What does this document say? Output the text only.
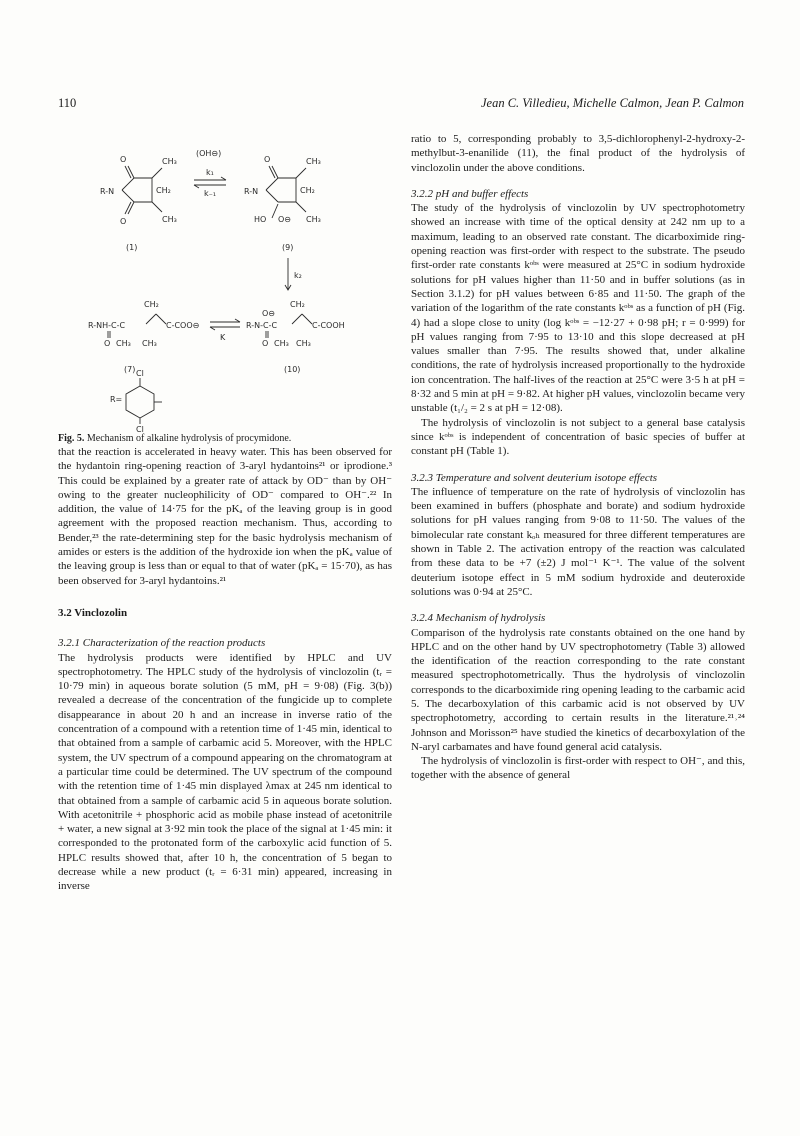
110	Jean C. Villedieu, Michelle Calmon, Jean P. Calmon
R-N
O
O
CH₃
CH₃
CH₂
(1)
(OH⊖)
k₁
k₋₁	R-N
O	CH₃
CH₃
CH₂
HO O⊖
(9)
k₂
R-NH-C-C	C-COO⊖
CH₂
O CH₃ CH₃
(7)
K
R-N-C-C	C-COOH
CH₂
O⊖
O CH₃ CH₃
(10)
R=
Cl
Cl

Fig. 5. Mechanism of alkaline hydrolysis of procymidone.

that the reaction is accelerated in heavy water. This has been observed for the hydantoin ring-opening reaction of 3-aryl hydantoins²¹ or iprodione.³ This could be explained by a greater rate of attack by OD⁻ than by OH⁻ owing to the greater nucleophilicity of OD⁻ compared to OH⁻.²² In addition, the value of 14·75 for the pKₐ of the leaving group is in good agreement with the proposed reaction mechanism. Thus, according to Bender,²³ the rate-determining step for the basic hydrolysis mechanism of amides or esters is the addition of the hydroxide ion when the pKₐ value of the leaving group is less than or equal to that of water (pKₐ = 15·70), as has been observed for 3-aryl hydantoins.²¹

3.2 Vinclozolin
3.2.1 Characterization of the reaction products

The hydrolysis products were identified by HPLC and UV spectrophotometry. The HPLC study of the hydrolysis of vinclozolin (tᵣ = 10·79 min) in aqueous borate solution (5 mM, pH = 9·08) (Fig. 3(b)) revealed a decrease of the concentration of the fungicide up to complete disappearance in about 20 h and an increase in inverse ratio of the concentration of a compound with a retention time of 1·45 min, identical to that obtained from a sample of carbamic acid 5. Moreover, with the HPLC system, the UV spectrum of a compound appearing on the chromatogram at a particular time could be determined. The UV spectrum of the compound with the retention time of 1·45 min displayed λmax at 245 nm identical to that obtained from a sample of carbamic acid 5 in aqueous borate solution. With acetonitrile + phosphoric acid as mobile phase instead of acetonitrile + water, a new signal at 3·92 min took the place of the signal at 1·45 min: it corresponded to the protonated form of the carboxylic acid function of 5. HPLC results showed that, after 10 h, the concentration of 5 began to decrease while a new product (tᵣ = 6·31 min) appeared, increasing in inverse

ratio to 5, corresponding probably to 3,5-dichlorophenyl-2-hydroxy-2-methylbut-3-enanilide (11), the final product of the hydrolysis of vinclozolin under the above conditions.

3.2.2 pH and buffer effects

The study of the hydrolysis of vinclozolin by UV spectrophotometry showed an increase with time of the optical density at 242 nm up to a maximum, leading to an observed rate constant. The dicarboximide ring-opening reaction was first-order with respect to the substrate. The pseudo first-order rate constants kᵒᵇˢ were measured at 25°C in sodium hydroxide solutions for pH values higher than 11·50 and in buffer solutions (as in Section 3.1.2) for pH values between 6·85 and 11·50. The graph of the variation of the logarithm of the rate constants kᵒᵇˢ as a function of pH (Fig. 4) had a slope close to unity (log kᵒᵇˢ = −12·27 + 0·98 pH; r = 0·999) for pH values ranging from 7·95 to 13·10 and this slope decreased at pH values smaller than 7·95. The results showed that, under alkaline conditions, the rate of hydrolysis increased proportionally to the hydroxide ion concentration. The half-lives of the reaction at 25°C were 3·5 h at pH = 8·32 and 5 min at pH = 9·82. At higher pH values, vinclozolin became very unstable (t₁/₂ = 2 s at pH = 12·08).

The hydrolysis of vinclozolin is not subject to a general base catalysis since kᵒᵇˢ is independent of concentration of basic species of buffer at constant pH (Table 1).

3.2.3 Temperature and solvent deuterium isotope effects

The influence of temperature on the rate of hydrolysis of vinclozolin has been examined in buffers (phosphate and borate) and sodium hydroxide solutions for pH values ranging from 9·08 to 11·50. The values of the bimolecular rate constant kₒₕ measured for three different temperatures are shown in Table 2. The activation entropy of the reaction was calculated from these data to be +7 (±2) J mol⁻¹ K⁻¹. The value of the solvent deuterium isotope effect in 5 mM sodium hydroxide and deuteroxide solutions was 0·94 at 25°C.

3.2.4 Mechanism of hydrolysis

Comparison of the hydrolysis rate constants obtained on the one hand by HPLC and on the other hand by UV spectrophotometry (Table 3) allowed the identification of the reaction corresponding to the rate constant measured spectrophotometrically. Thus the hydrolysis of vinclozolin corresponds to the dicarboximide ring opening leading to the carbamic acid 5. The decarboxylation of this carbamic acid is not observed by UV spectrophotometry, according to certain results in the literature.²¹˒²⁴ Johnson and Morisson²⁵ have studied the kinetics of decarboxylation of the N-aryl carbamates and have found general acid catalysis.

The hydrolysis of vinclozolin is first-order with respect to OH⁻, and this, together with the absence of general
